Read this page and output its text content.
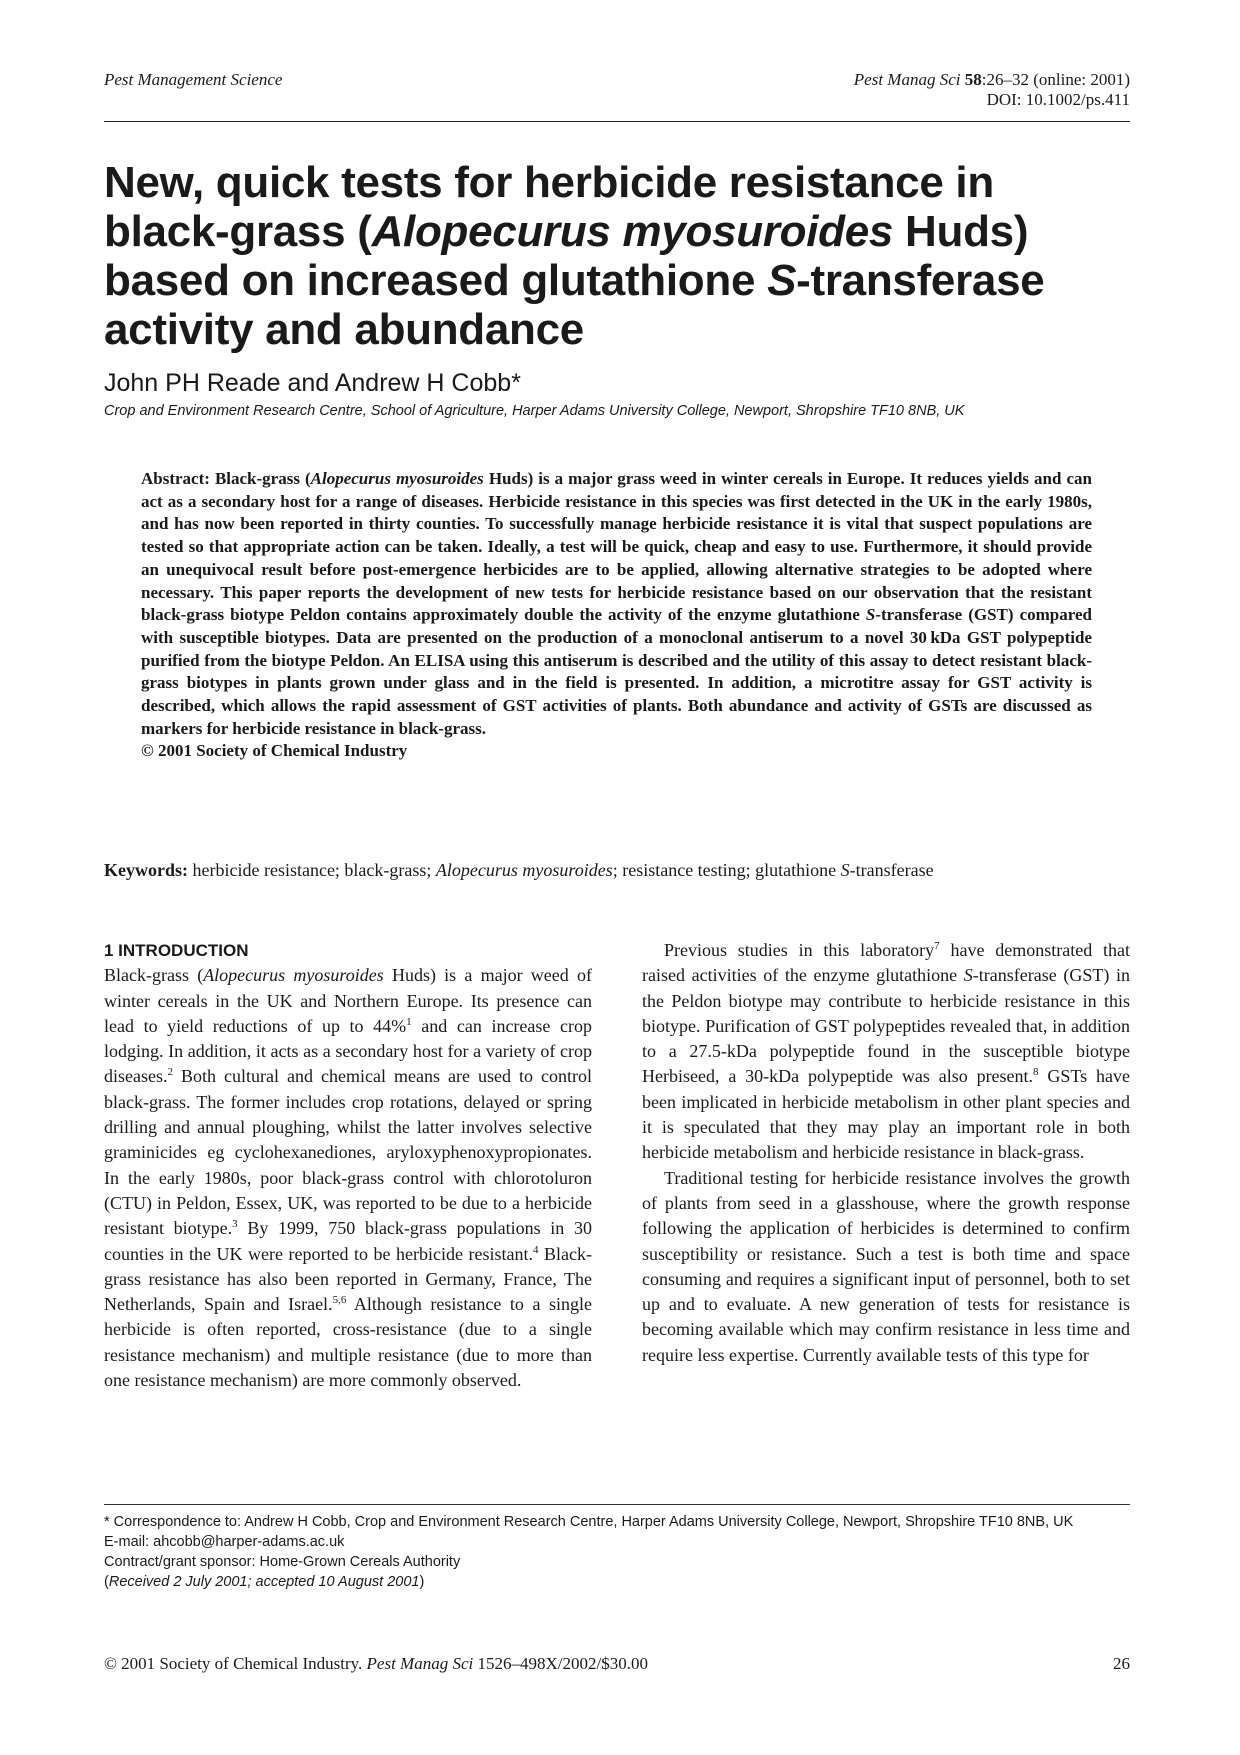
Pest Management Science	Pest Manag Sci 58:26–32 (online: 2001)
DOI: 10.1002/ps.411
New, quick tests for herbicide resistance in
black-grass (Alopecurus myosuroides Huds)
based on increased glutathione S-transferase
activity and abundance
John PH Reade and Andrew H Cobb*
Crop and Environment Research Centre, School of Agriculture, Harper Adams University College, Newport, Shropshire TF10 8NB, UK
Abstract: Black-grass (Alopecurus myosuroides Huds) is a major grass weed in winter cereals in Europe. It reduces yields and can act as a secondary host for a range of diseases. Herbicide resistance in this species was first detected in the UK in the early 1980s, and has now been reported in thirty counties. To successfully manage herbicide resistance it is vital that suspect populations are tested so that appropriate action can be taken. Ideally, a test will be quick, cheap and easy to use. Furthermore, it should provide an unequivocal result before post-emergence herbicides are to be applied, allowing alternative strategies to be adopted where necessary. This paper reports the development of new tests for herbicide resistance based on our observation that the resistant black-grass biotype Peldon contains approximately double the activity of the enzyme glutathione S-transferase (GST) compared with susceptible biotypes. Data are presented on the production of a monoclonal antiserum to a novel 30 kDa GST polypeptide purified from the biotype Peldon. An ELISA using this antiserum is described and the utility of this assay to detect resistant black-grass biotypes in plants grown under glass and in the field is presented. In addition, a microtitre assay for GST activity is described, which allows the rapid assessment of GST activities of plants. Both abundance and activity of GSTs are discussed as markers for herbicide resistance in black-grass.
© 2001 Society of Chemical Industry
Keywords: herbicide resistance; black-grass; Alopecurus myosuroides; resistance testing; glutathione S-transferase
1 INTRODUCTION

Black-grass (Alopecurus myosuroides Huds) is a major weed of winter cereals in the UK and Northern Europe. Its presence can lead to yield reductions of up to 44%$^1$ and can increase crop lodging. In addition, it acts as a secondary host for a variety of crop diseases.$^2$ Both cultural and chemical means are used to control black-grass. The former includes crop rotations, delayed or spring drilling and annual ploughing, whilst the latter involves selective graminicides eg cyclohexanediones, aryloxyphenoxypropionates. In the early 1980s, poor black-grass control with chlorotoluron (CTU) in Peldon, Essex, UK, was reported to be due to a herbicide resistant biotype.$^3$ By 1999, 750 black-grass populations in 30 counties in the UK were reported to be herbicide resistant.$^4$ Black-grass resistance has also been reported in Germany, France, The Netherlands, Spain and Israel.$^{5,6}$ Although resistance to a single herbicide is often reported, cross-resistance (due to a single resistance mechanism) and multiple resistance (due to more than one resistance mechanism) are more commonly observed.

Previous studies in this laboratory$^7$ have demonstrated that raised activities of the enzyme glutathione S-transferase (GST) in the Peldon biotype may contribute to herbicide resistance in this biotype. Purification of GST polypeptides revealed that, in addition to a 27.5-kDa polypeptide found in the susceptible biotype Herbiseed, a 30-kDa polypeptide was also present.$^8$ GSTs have been implicated in herbicide metabolism in other plant species and it is speculated that they may play an important role in both herbicide metabolism and herbicide resistance in black-grass.

Traditional testing for herbicide resistance involves the growth of plants from seed in a glasshouse, where the growth response following the application of herbicides is determined to confirm susceptibility or resistance. Such a test is both time and space consuming and requires a significant input of personnel, both to set up and to evaluate. A new generation of tests for resistance is becoming available which may confirm resistance in less time and require less expertise. Currently available tests of this type for

* Correspondence to: Andrew H Cobb, Crop and Environment Research Centre, Harper Adams University College, Newport, Shropshire TF10 8NB, UK

E-mail: ahcobb@harper-adams.ac.uk

Contract/grant sponsor: Home-Grown Cereals Authority

(Received 2 July 2001; accepted 10 August 2001)

© 2001 Society of Chemical Industry. Pest Manag Sci 1526–498X/2002/$30.00	26
